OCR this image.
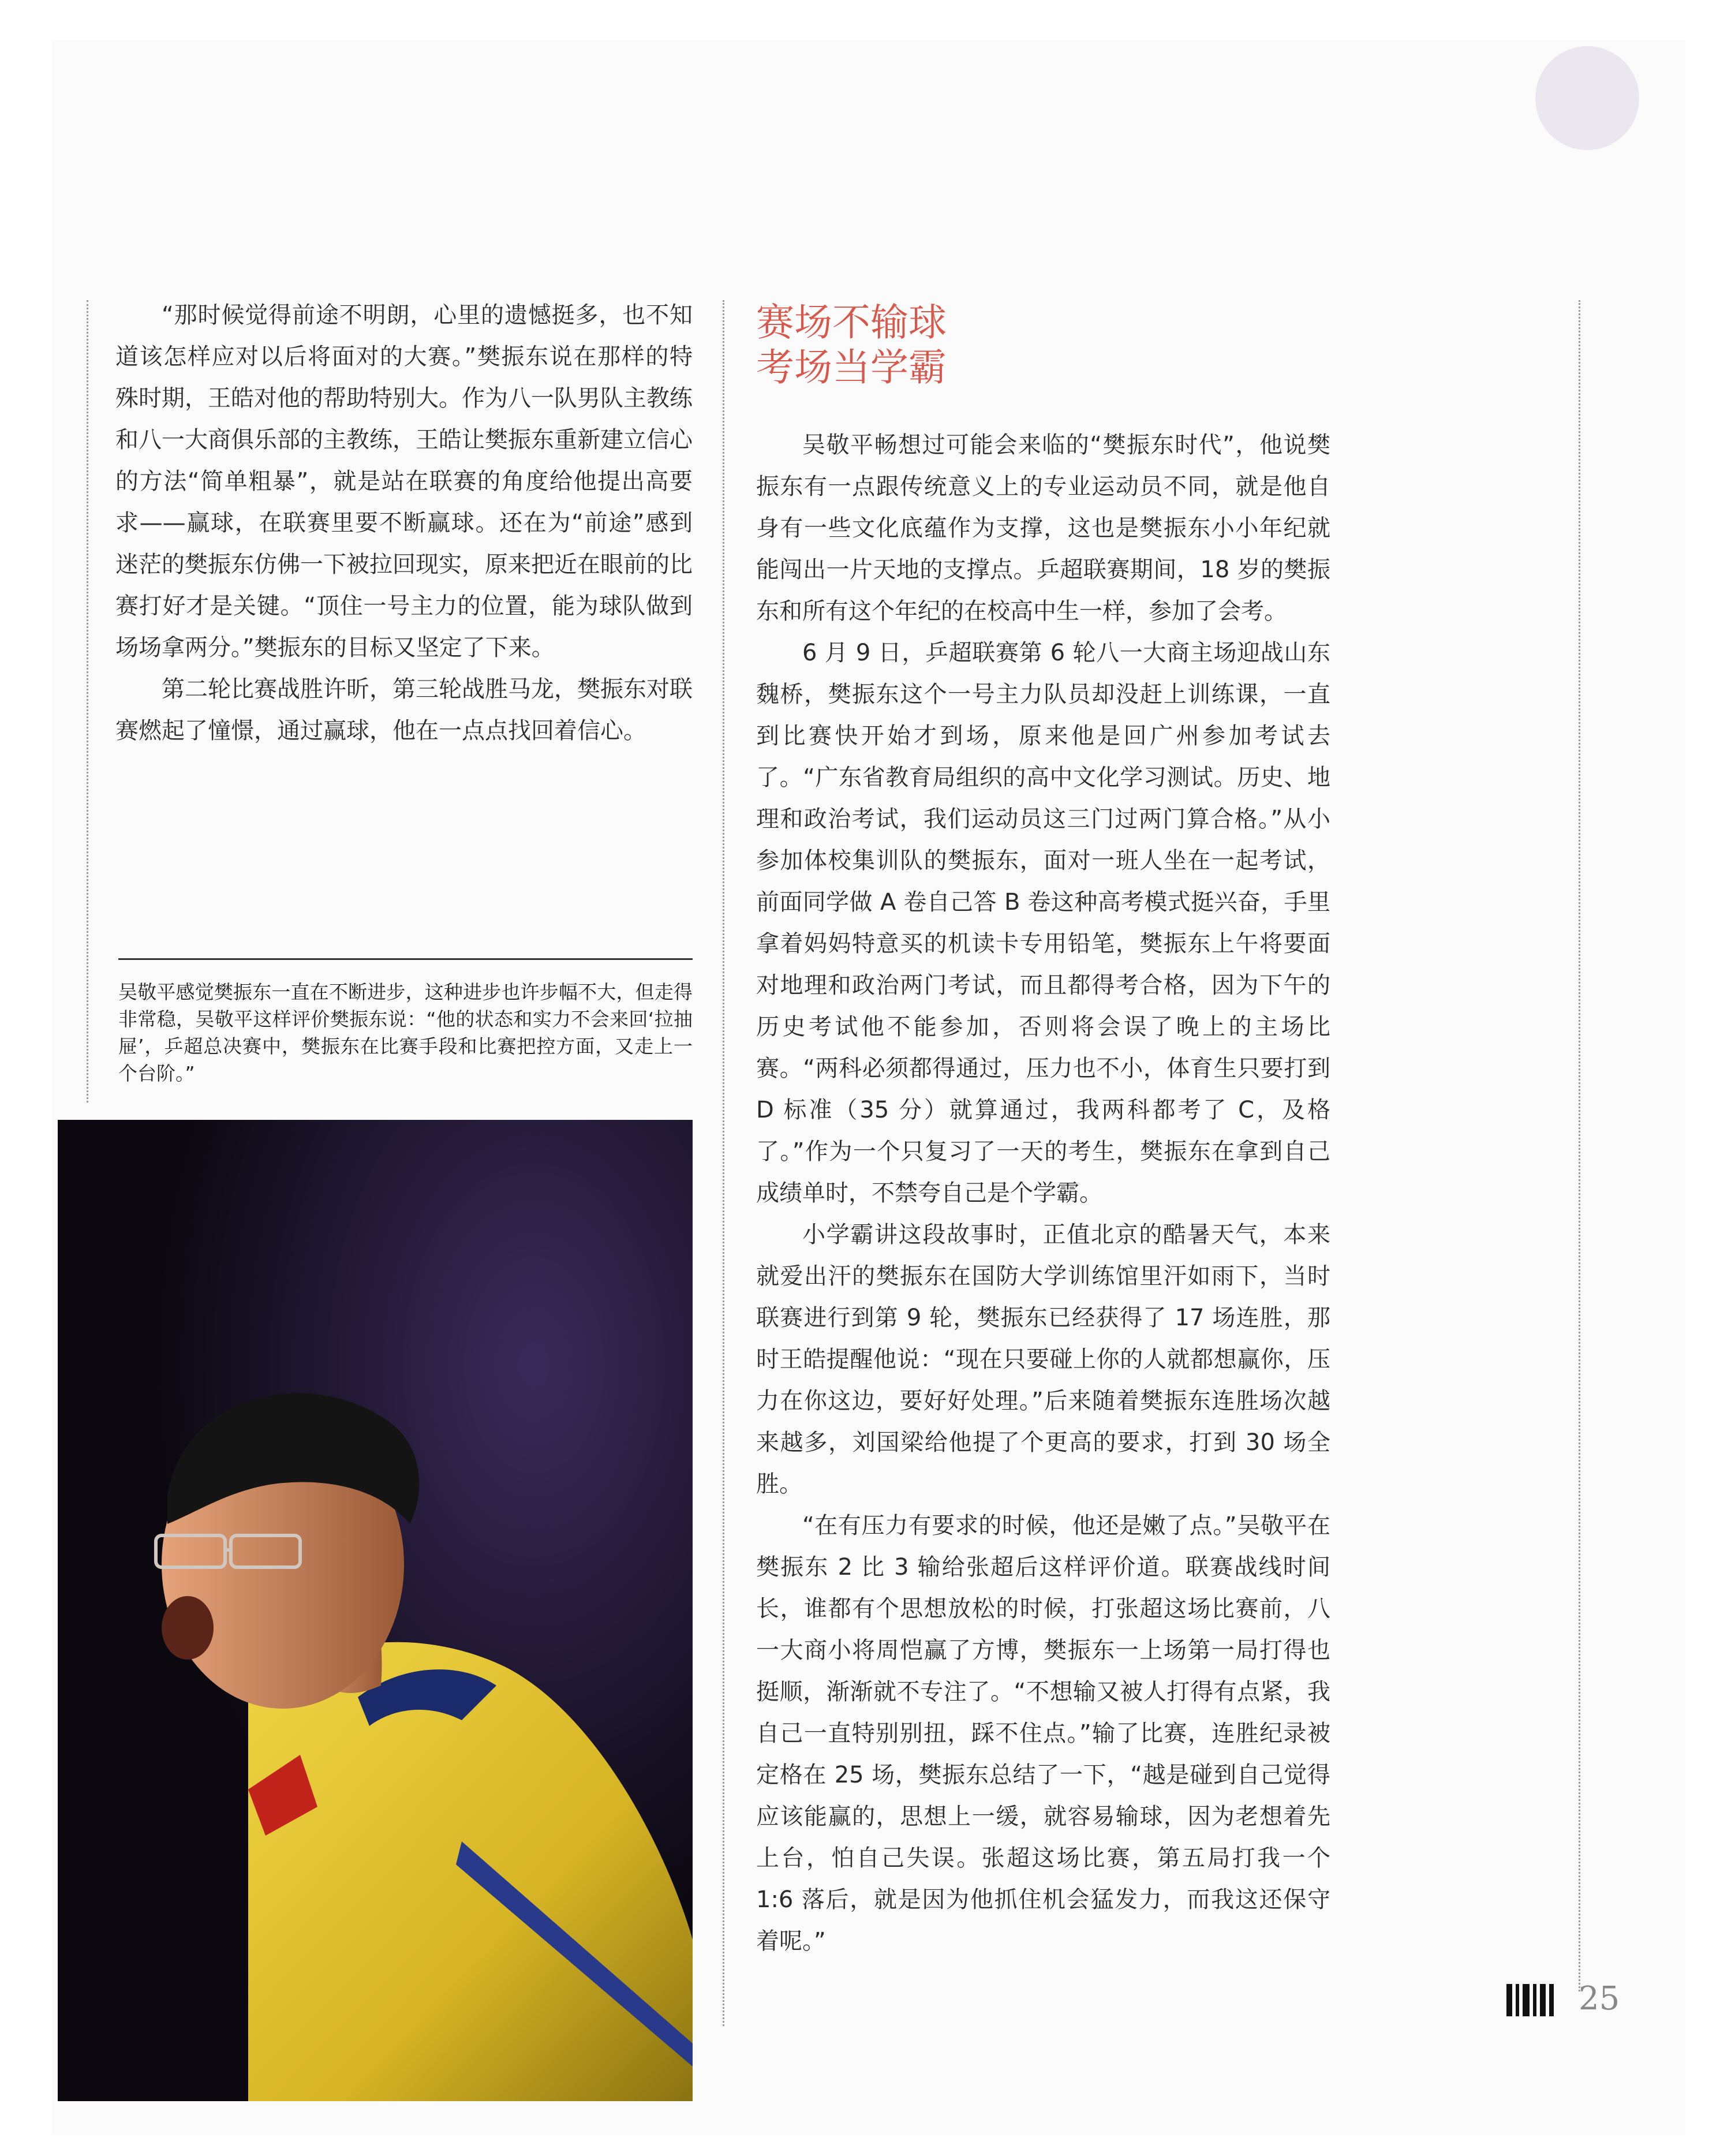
“那时候觉得前途不明朗，心里的遗憾挺多，也不知道该怎样应对以后将面对的大赛。”樊振东说在那样的特殊时期，王皓对他的帮助特别大。作为八一队男队主教练和八一大商俱乐部的主教练，王皓让樊振东重新建立信心的方法“简单粗暴”，就是站在联赛的角度给他提出高要求——赢球，在联赛里要不断赢球。还在为“前途”感到迷茫的樊振东仿佛一下被拉回现实，原来把近在眼前的比赛打好才是关键。“顶住一号主力的位置，能为球队做到场场拿两分。”樊振东的目标又坚定了下来。

第二轮比赛战胜许昕，第三轮战胜马龙，樊振东对联赛燃起了憧憬，通过赢球，他在一点点找回着信心。

吴敬平感觉樊振东一直在不断进步，这种进步也许步幅不大，但走得非常稳，吴敬平这样评价樊振东说：“他的状态和实力不会来回‘拉抽屉’，乒超总决赛中，樊振东在比赛手段和比赛把控方面，又走上一个台阶。”
赛场不输球
考场当学霸

吴敬平畅想过可能会来临的“樊振东时代”，他说樊振东有一点跟传统意义上的专业运动员不同，就是他自身有一些文化底蕴作为支撑，这也是樊振东小小年纪就能闯出一片天地的支撑点。乒超联赛期间，18 岁的樊振东和所有这个年纪的在校高中生一样，参加了会考。

6 月 9 日，乒超联赛第 6 轮八一大商主场迎战山东魏桥，樊振东这个一号主力队员却没赶上训练课，一直到比赛快开始才到场，原来他是回广州参加考试去了。“广东省教育局组织的高中文化学习测试。历史、地理和政治考试，我们运动员这三门过两门算合格。”从小参加体校集训队的樊振东，面对一班人坐在一起考试，前面同学做 A 卷自己答 B 卷这种高考模式挺兴奋，手里拿着妈妈特意买的机读卡专用铅笔，樊振东上午将要面对地理和政治两门考试，而且都得考合格，因为下午的历史考试他不能参加，否则将会误了晚上的主场比赛。“两科必须都得通过，压力也不小，体育生只要打到 D 标准（35 分）就算通过，我两科都考了 C，及格了。”作为一个只复习了一天的考生，樊振东在拿到自己成绩单时，不禁夸自己是个学霸。

小学霸讲这段故事时，正值北京的酷暑天气，本来就爱出汗的樊振东在国防大学训练馆里汗如雨下，当时联赛进行到第 9 轮，樊振东已经获得了 17 场连胜，那时王皓提醒他说：“现在只要碰上你的人就都想赢你，压力在你这边，要好好处理。”后来随着樊振东连胜场次越来越多，刘国梁给他提了个更高的要求，打到 30 场全胜。

“在有压力有要求的时候，他还是嫩了点。”吴敬平在樊振东 2 比 3 输给张超后这样评价道。联赛战线时间长，谁都有个思想放松的时候，打张超这场比赛前，八一大商小将周恺赢了方博，樊振东一上场第一局打得也挺顺，渐渐就不专注了。“不想输又被人打得有点紧，我自己一直特别别扭，踩不住点。”输了比赛，连胜纪录被定格在 25 场，樊振东总结了一下，“越是碰到自己觉得应该能赢的，思想上一缓，就容易输球，因为老想着先上台，怕自己失误。张超这场比赛，第五局打我一个 1:6 落后，就是因为他抓住机会猛发力，而我这还保守着呢。”

25
